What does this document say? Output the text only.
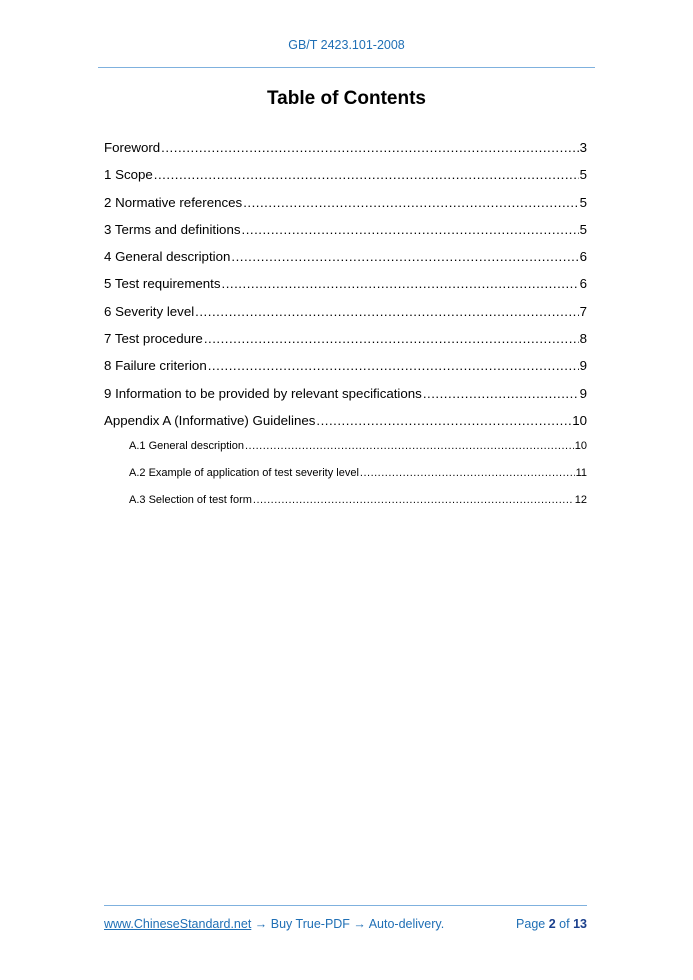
GB/T 2423.101-2008
Table of Contents
Foreword .....	3
1 Scope .....	5
2 Normative references .....	5
3 Terms and definitions .....	5
4 General description .....	6
5 Test requirements .....	6
6 Severity level .....	7
7 Test procedure .....	8
8 Failure criterion .....	9
9 Information to be provided by relevant specifications .....	9
Appendix A (Informative) Guidelines .....	10
A.1 General description .....	10
A.2 Example of application of test severity level .....	11
A.3 Selection of test form .....	12
www.ChineseStandard.net → Buy True-PDF → Auto-delivery.	Page 2 of 13
